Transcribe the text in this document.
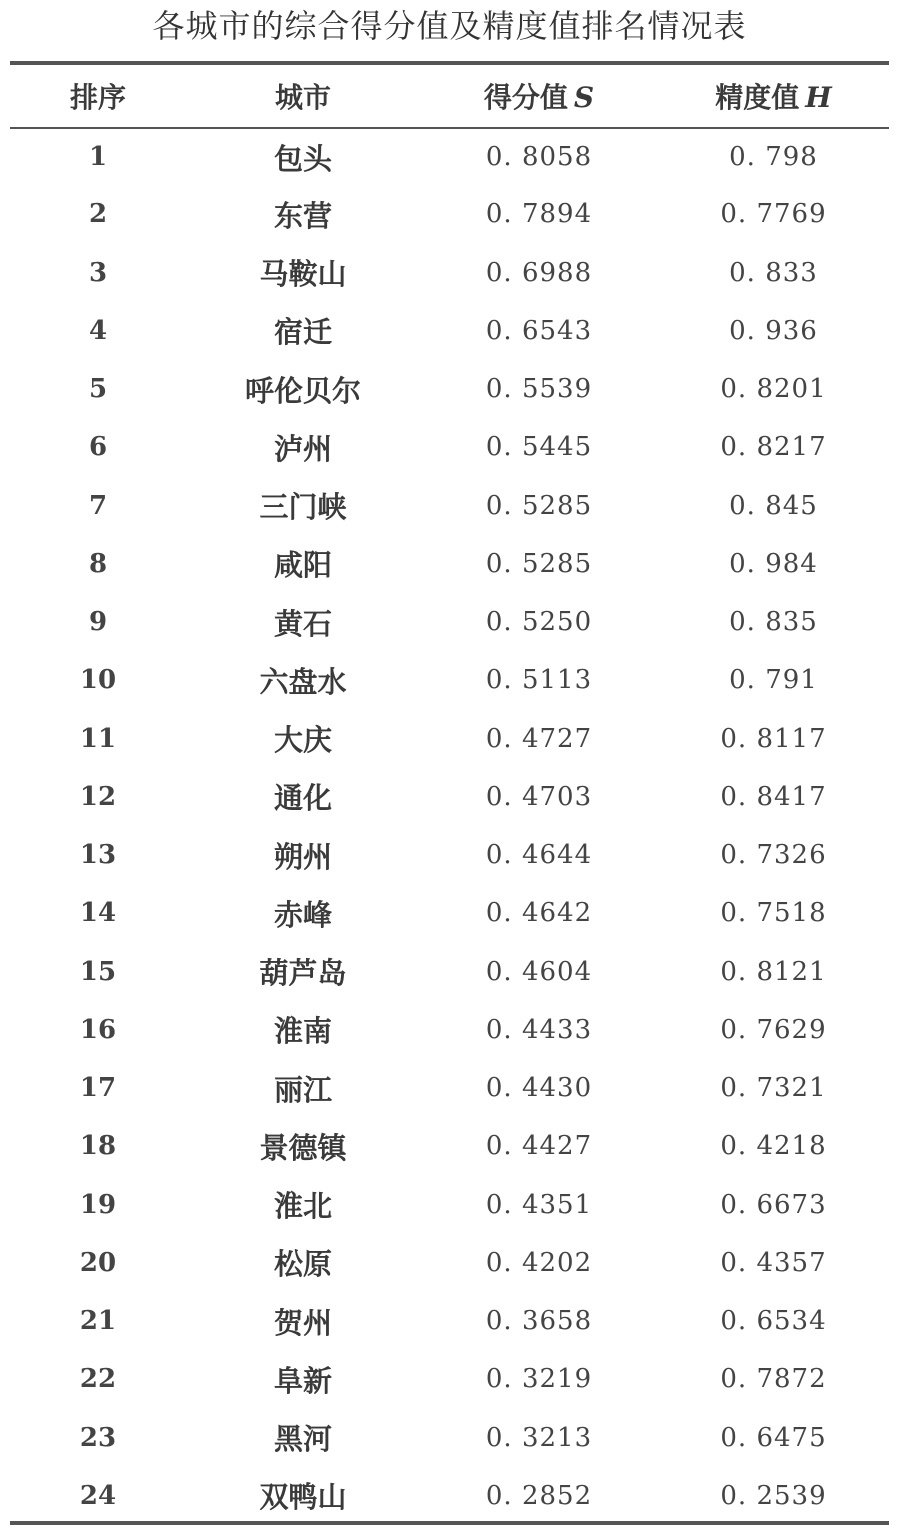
各城市的综合得分值及精度值排名情况表
排序	城市	得分值 S	精度值 H
1	包头	0. 8058	0. 798
2	东营	0. 7894	0. 7769
3	马鞍山	0. 6988	0. 833
4	宿迁	0. 6543	0. 936
5	呼伦贝尔	0. 5539	0. 8201
6	泸州	0. 5445	0. 8217
7	三门峡	0. 5285	0. 845
8	咸阳	0. 5285	0. 984
9	黄石	0. 5250	0. 835
10	六盘水	0. 5113	0. 791
11	大庆	0. 4727	0. 8117
12	通化	0. 4703	0. 8417
13	朔州	0. 4644	0. 7326
14	赤峰	0. 4642	0. 7518
15	葫芦岛	0. 4604	0. 8121
16	淮南	0. 4433	0. 7629
17	丽江	0. 4430	0. 7321
18	景德镇	0. 4427	0. 4218
19	淮北	0. 4351	0. 6673
20	松原	0. 4202	0. 4357
21	贺州	0. 3658	0. 6534
22	阜新	0. 3219	0. 7872
23	黑河	0. 3213	0. 6475
24	双鸭山	0. 2852	0. 2539
